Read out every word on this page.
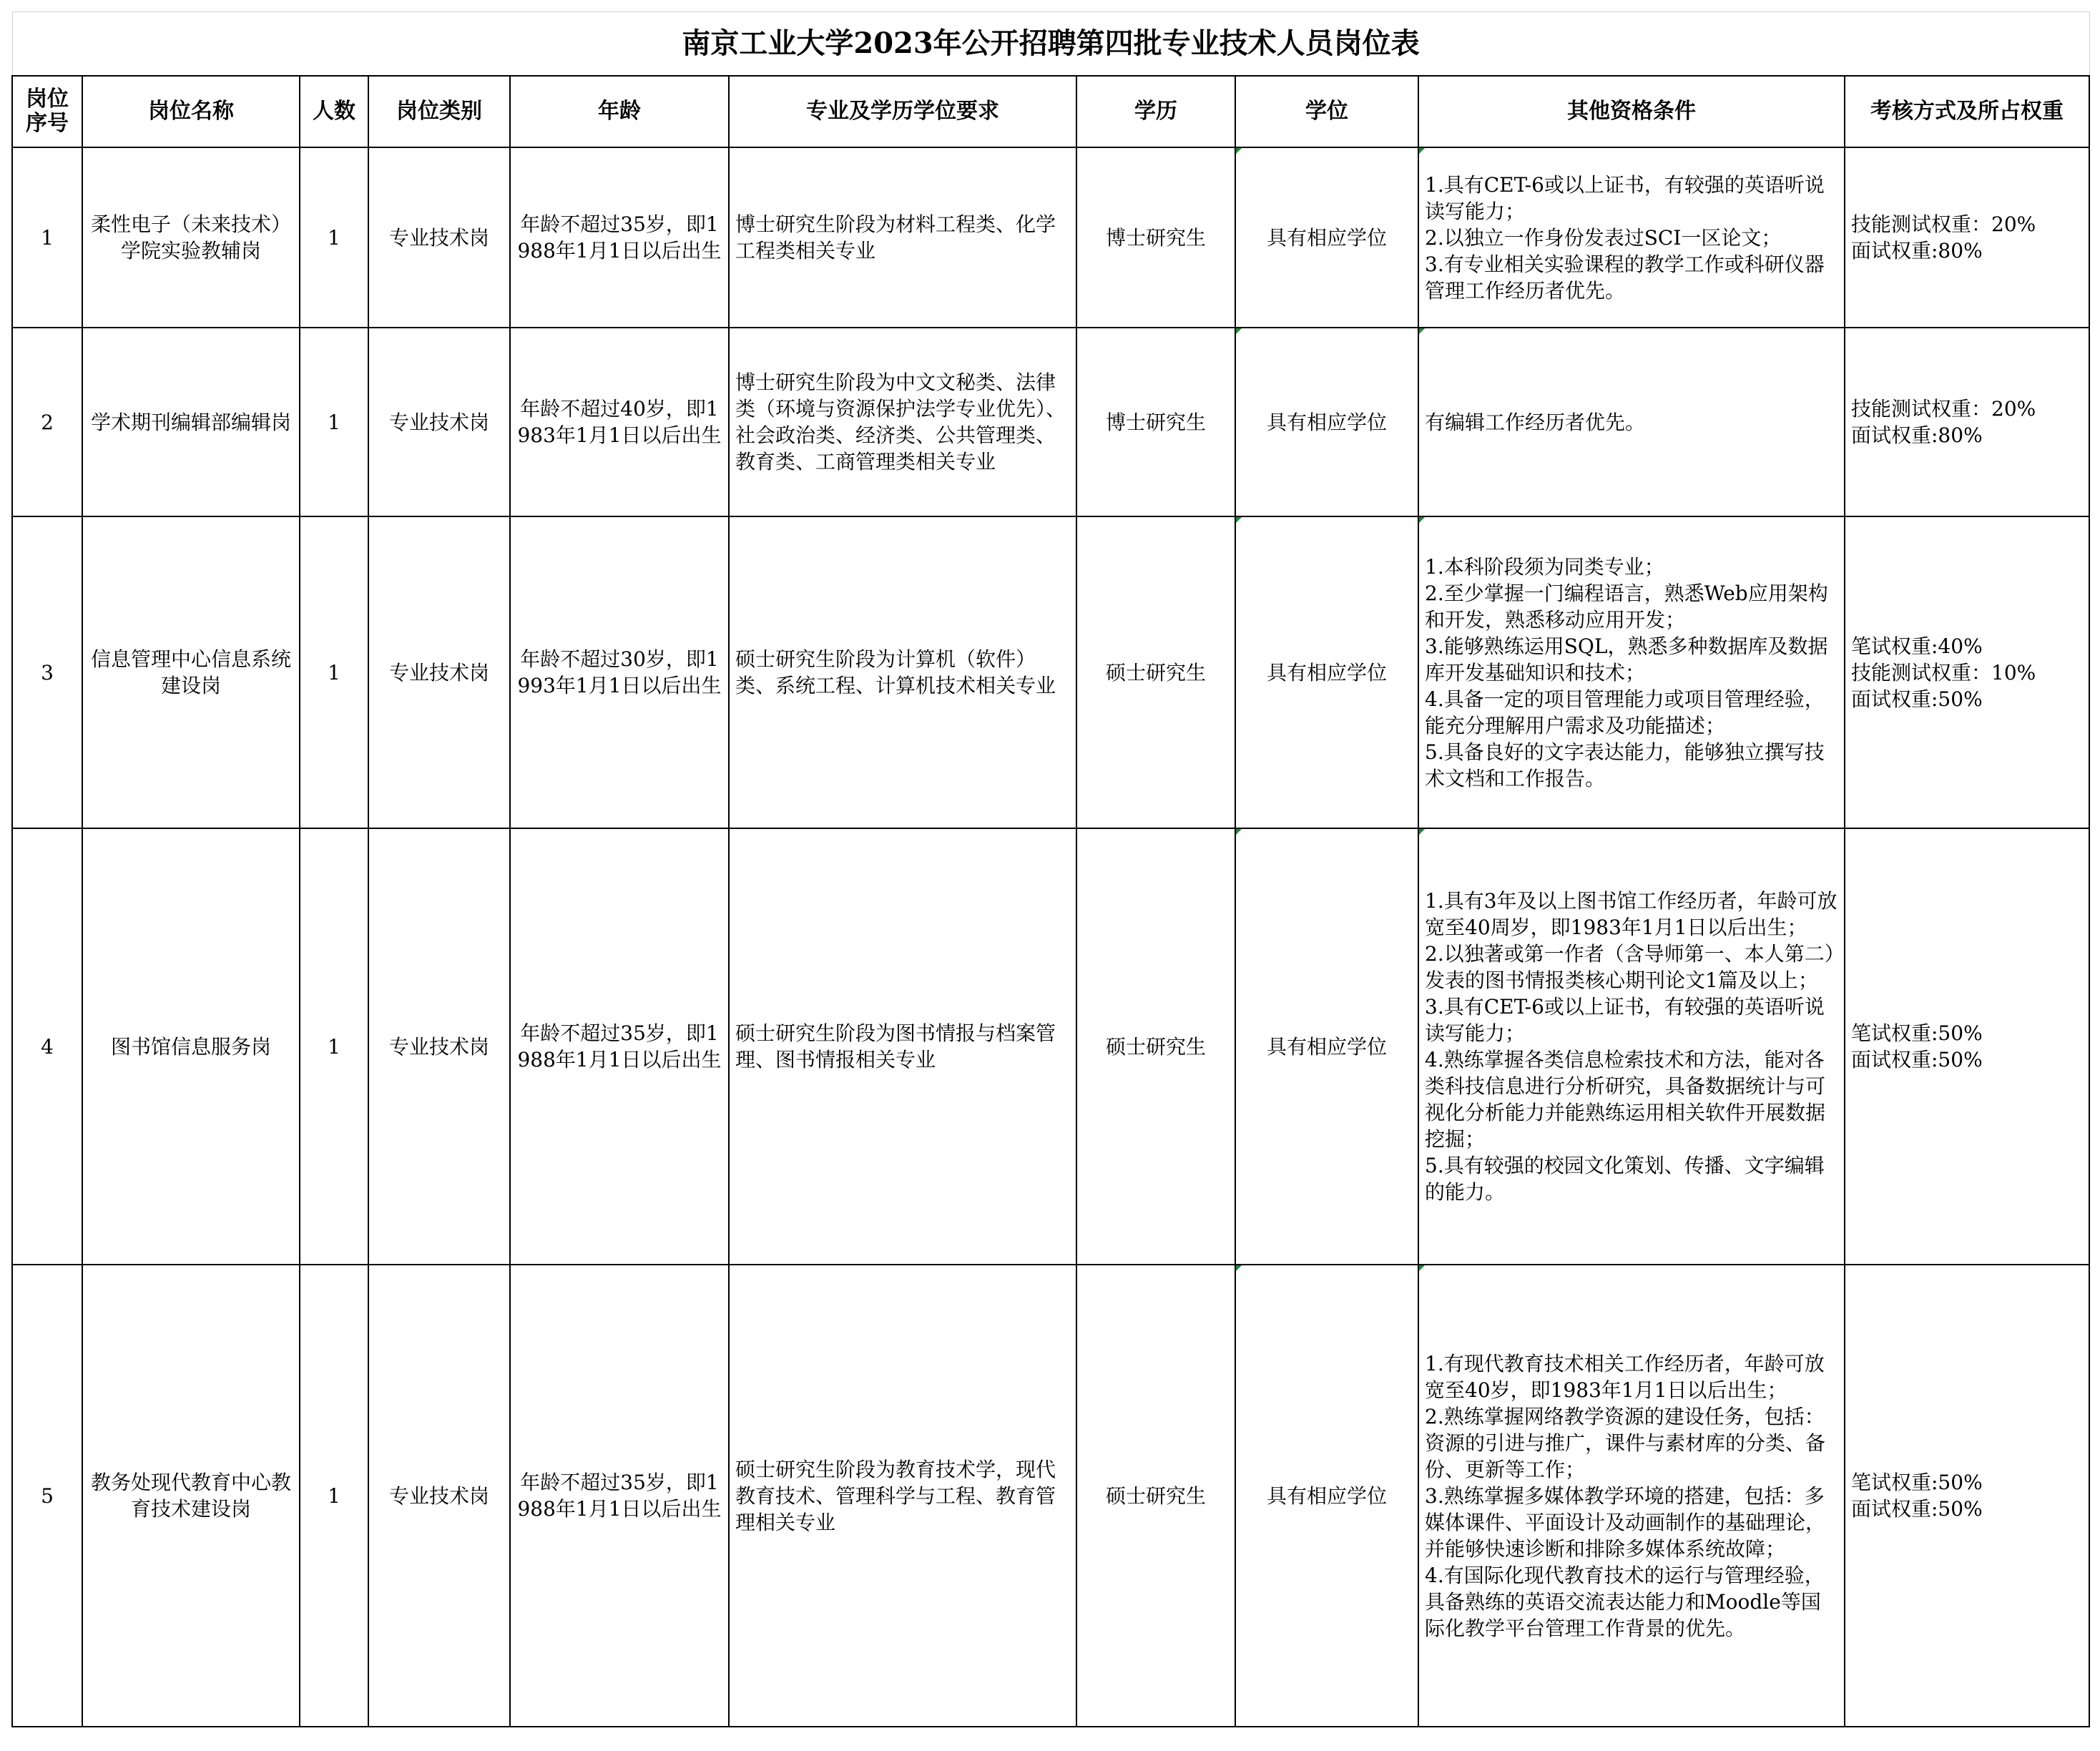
南京工业大学2023年公开招聘第四批专业技术人员岗位表									
岗位序号	岗位名称	人数	岗位类别	年龄	专业及学历学位要求	学历	学位	其他资格条件	考核方式及所占权重
1	柔性电子（未来技术）学院实验教辅岗	1	专业技术岗	年龄不超过35岁，即1988年1月1日以后出生	博士研究生阶段为材料工程类、化学工程类相关专业	博士研究生	具有相应学位	1.具有CET-6或以上证书，有较强的英语听说读写能力；
2.以独立一作身份发表过SCI一区论文；
3.有专业相关实验课程的教学工作或科研仪器管理工作经历者优先。	技能测试权重：20%
面试权重:80%
2	学术期刊编辑部编辑岗	1	专业技术岗	年龄不超过40岁，即1983年1月1日以后出生	博士研究生阶段为中文文秘类、法律类（环境与资源保护法学专业优先）、社会政治类、经济类、公共管理类、教育类、工商管理类相关专业	博士研究生	具有相应学位	有编辑工作经历者优先。	技能测试权重：20%
面试权重:80%
3	信息管理中心信息系统建设岗	1	专业技术岗	年龄不超过30岁，即1993年1月1日以后出生	硕士研究生阶段为计算机（软件）类、系统工程、计算机技术相关专业	硕士研究生	具有相应学位	1.本科阶段须为同类专业；
2.至少掌握一门编程语言，熟悉Web应用架构和开发，熟悉移动应用开发；
3.能够熟练运用SQL，熟悉多种数据库及数据库开发基础知识和技术；
4.具备一定的项目管理能力或项目管理经验，能充分理解用户需求及功能描述；
5.具备良好的文字表达能力，能够独立撰写技术文档和工作报告。	笔试权重:40%
技能测试权重：10%
面试权重:50%
4	图书馆信息服务岗	1	专业技术岗	年龄不超过35岁，即1988年1月1日以后出生	硕士研究生阶段为图书情报与档案管理、图书情报相关专业	硕士研究生	具有相应学位	1.具有3年及以上图书馆工作经历者，年龄可放宽至40周岁，即1983年1月1日以后出生；
2.以独著或第一作者（含导师第一、本人第二）发表的图书情报类核心期刊论文1篇及以上；
3.具有CET-6或以上证书，有较强的英语听说读写能力；
4.熟练掌握各类信息检索技术和方法，能对各类科技信息进行分析研究，具备数据统计与可视化分析能力并能熟练运用相关软件开展数据挖掘；
5.具有较强的校园文化策划、传播、文字编辑的能力。	笔试权重:50%
面试权重:50%
5	教务处现代教育中心教育技术建设岗	1	专业技术岗	年龄不超过35岁，即1988年1月1日以后出生	硕士研究生阶段为教育技术学，现代教育技术、管理科学与工程、教育管理相关专业	硕士研究生	具有相应学位	1.有现代教育技术相关工作经历者，年龄可放宽至40岁，即1983年1月1日以后出生；
2.熟练掌握网络教学资源的建设任务，包括：资源的引进与推广，课件与素材库的分类、备份、更新等工作；
3.熟练掌握多媒体教学环境的搭建，包括：多媒体课件、平面设计及动画制作的基础理论，并能够快速诊断和排除多媒体系统故障；
4.有国际化现代教育技术的运行与管理经验，具备熟练的英语交流表达能力和Moodle等国际化教学平台管理工作背景的优先。	笔试权重:50%
面试权重:50%
